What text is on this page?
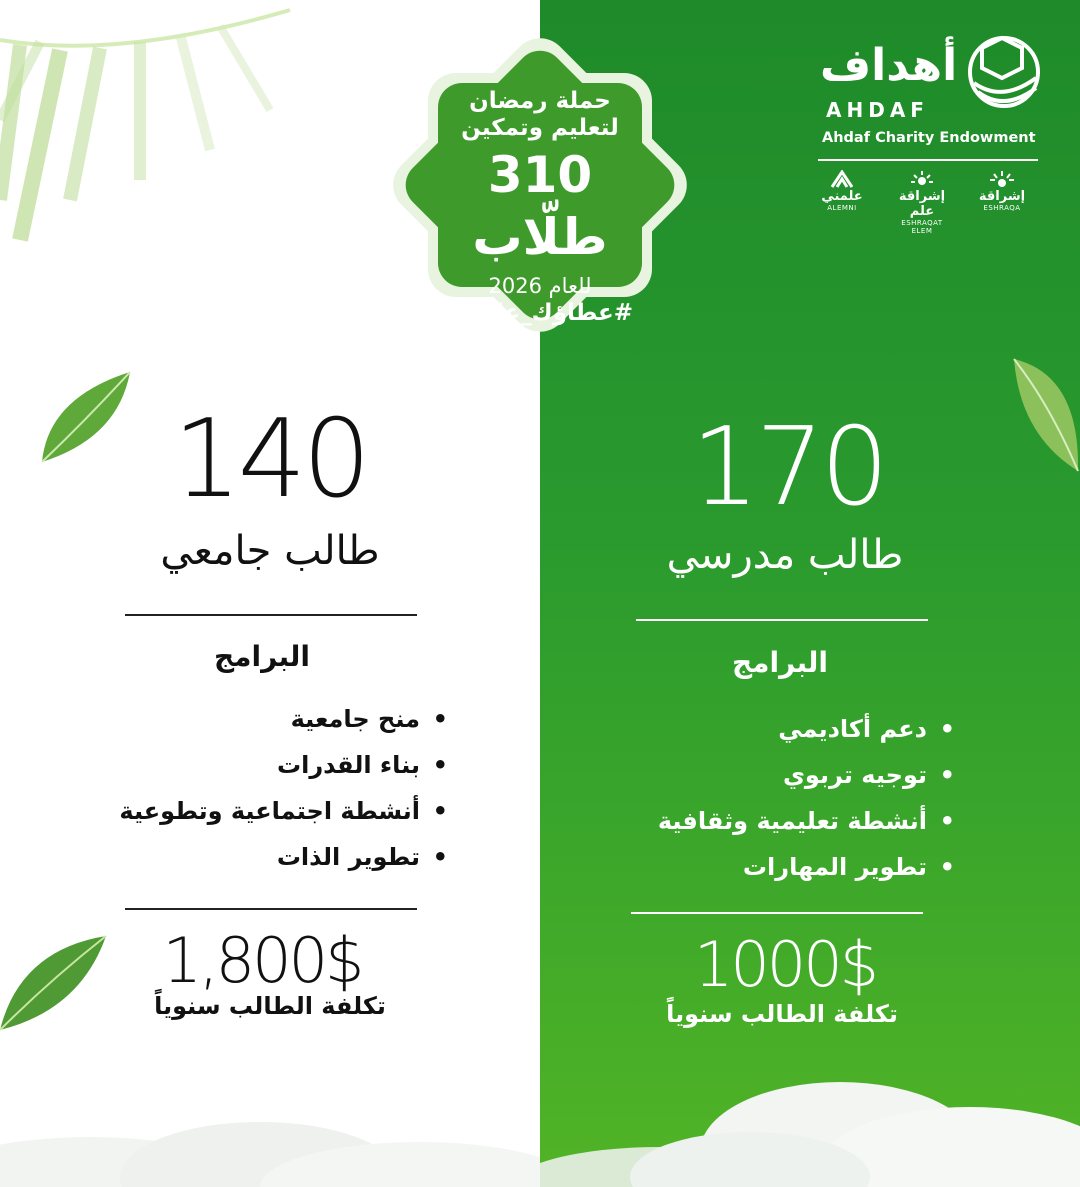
حملة رمضان
لتعليم وتمكين
310 طلّاب
للعام 2026
#عطاؤك_علمني
أهداف
AHDAF
Ahdaf Charity Endowment
علمني
ALEMNI
إشراقة علم
ESHRAQAT ELEM
إشراقة
ESHRAQA
140
طالب جامعي
البرامج
• منح جامعية
• بناء القدرات
• أنشطة اجتماعية وتطوعية
• تطوير الذات
1,800$
تكلفة الطالب سنوياً
170
طالب مدرسي
البرامج
• دعم أكاديمي
• توجيه تربوي
• أنشطة تعليمية وثقافية
• تطوير المهارات
1000$
تكلفة الطالب سنوياً
